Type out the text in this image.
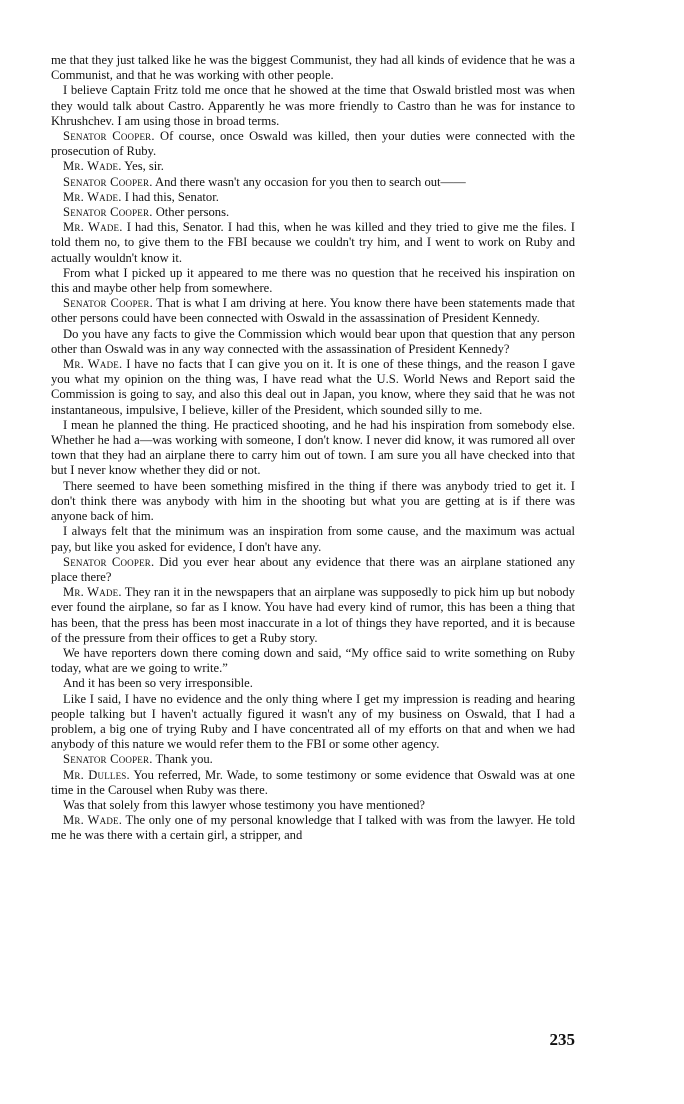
me that they just talked like he was the biggest Communist, they had all kinds of evidence that he was a Communist, and that he was working with other people.

I believe Captain Fritz told me once that he showed at the time that Oswald bristled most was when they would talk about Castro. Apparently he was more friendly to Castro than he was for instance to Khrushchev. I am using those in broad terms.

Senator Cooper. Of course, once Oswald was killed, then your duties were connected with the prosecution of Ruby.

Mr. Wade. Yes, sir.

Senator Cooper. And there wasn't any occasion for you then to search out——

Mr. Wade. I had this, Senator.

Senator Cooper. Other persons.

Mr. Wade. I had this, Senator. I had this, when he was killed and they tried to give me the files. I told them no, to give them to the FBI because we couldn't try him, and I went to work on Ruby and actually wouldn't know it.

From what I picked up it appeared to me there was no question that he received his inspiration on this and maybe other help from somewhere.

Senator Cooper. That is what I am driving at here. You know there have been statements made that other persons could have been connected with Oswald in the assassination of President Kennedy.

Do you have any facts to give the Commission which would bear upon that question that any person other than Oswald was in any way connected with the assassination of President Kennedy?

Mr. Wade. I have no facts that I can give you on it. It is one of these things, and the reason I gave you what my opinion on the thing was, I have read what the U.S. World News and Report said the Commission is going to say, and also this deal out in Japan, you know, where they said that he was not instantaneous, impulsive, I believe, killer of the President, which sounded silly to me.

I mean he planned the thing. He practiced shooting, and he had his inspiration from somebody else. Whether he had a—was working with someone, I don't know. I never did know, it was rumored all over town that they had an airplane there to carry him out of town. I am sure you all have checked into that but I never know whether they did or not.

There seemed to have been something misfired in the thing if there was anybody tried to get it. I don't think there was anybody with him in the shooting but what you are getting at is if there was anyone back of him.

I always felt that the minimum was an inspiration from some cause, and the maximum was actual pay, but like you asked for evidence, I don't have any.

Senator Cooper. Did you ever hear about any evidence that there was an airplane stationed any place there?

Mr. Wade. They ran it in the newspapers that an airplane was supposedly to pick him up but nobody ever found the airplane, so far as I know. You have had every kind of rumor, this has been a thing that has been, that the press has been most inaccurate in a lot of things they have reported, and it is because of the pressure from their offices to get a Ruby story.

We have reporters down there coming down and said, “My office said to write something on Ruby today, what are we going to write.”

And it has been so very irresponsible.

Like I said, I have no evidence and the only thing where I get my impression is reading and hearing people talking but I haven't actually figured it wasn't any of my business on Oswald, that I had a problem, a big one of trying Ruby and I have concentrated all of my efforts on that and when we had anybody of this nature we would refer them to the FBI or some other agency.

Senator Cooper. Thank you.

Mr. Dulles. You referred, Mr. Wade, to some testimony or some evidence that Oswald was at one time in the Carousel when Ruby was there.

Was that solely from this lawyer whose testimony you have mentioned?

Mr. Wade. The only one of my personal knowledge that I talked with was from the lawyer. He told me he was there with a certain girl, a stripper, and

235
